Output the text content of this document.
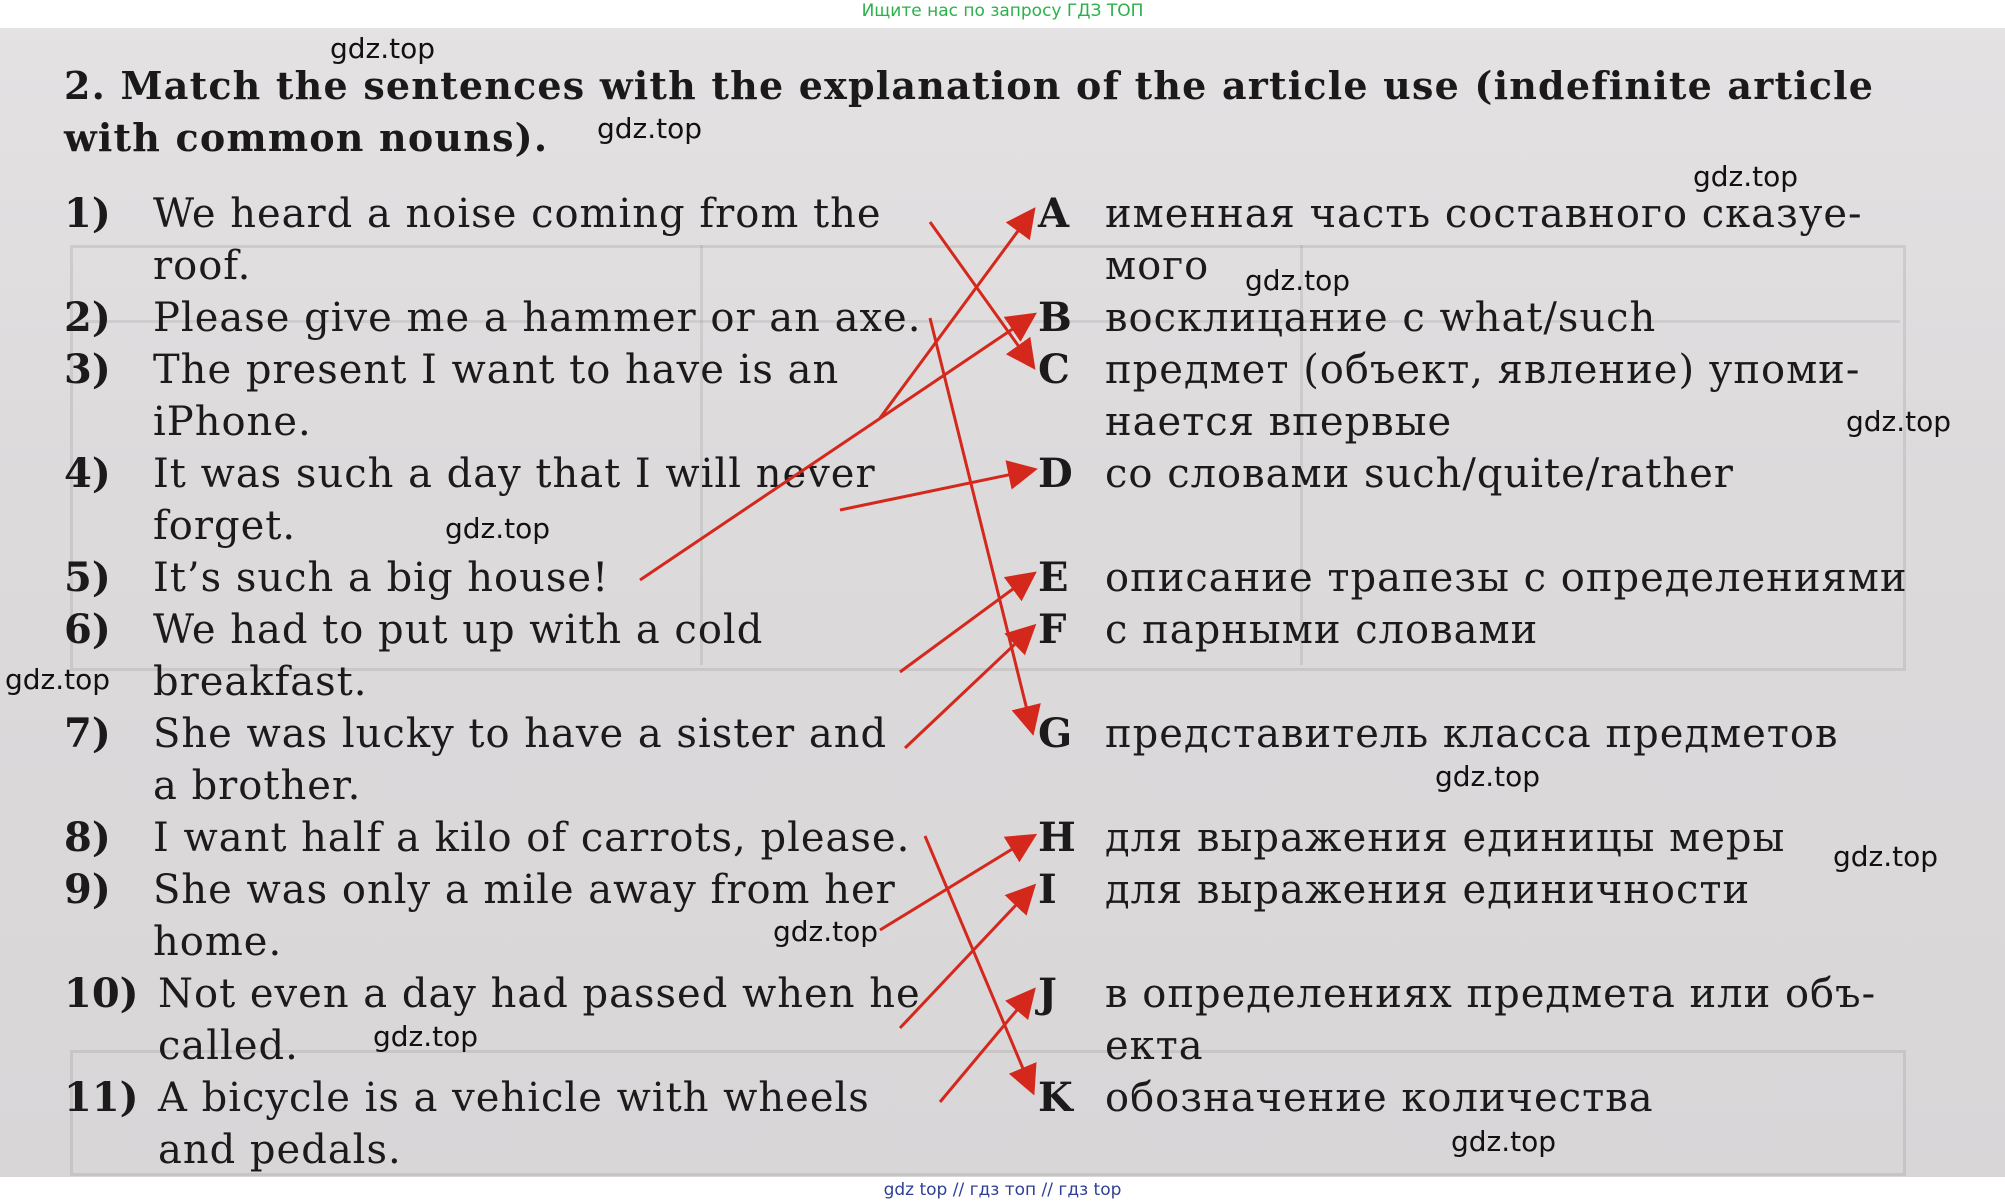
Ищите нас по запросу ГДЗ ТОП
2. Match the sentences with the explanation of the article use (indefinite article with common nouns).
1) We heard a noise coming from the
roof.
2) Please give me a hammer or an axe.
3) The present I want to have is an
iPhone.
4) It was such a day that I will never
forget.
5) It’s such a big house!
6) We had to put up with a cold
breakfast.
7) She was lucky to have a sister and
a brother.
8) I want half a kilo of carrots, please.
9) She was only a mile away from her
home.
10) Not even a day had passed when he
called.
11) A bicycle is a vehicle with wheels
and pedals.
A именная часть составного сказуе-
мого
B восклицание с what/such
C предмет (объект, явление) упоми-
нается впервые
D со словами such/quite/rather
E описание трапезы с определениями
F с парными словами
G представитель класса предметов
H для выражения единицы меры
I для выражения единичности
J в определениях предмета или объ-
екта
K обозначение количества
gdz.top
gdz.top
gdz.top
gdz.top
gdz.top
gdz.top
gdz.top
gdz.top
gdz.top
gdz.top
gdz.top
gdz.top
gdz top // гдз топ // гдз top
